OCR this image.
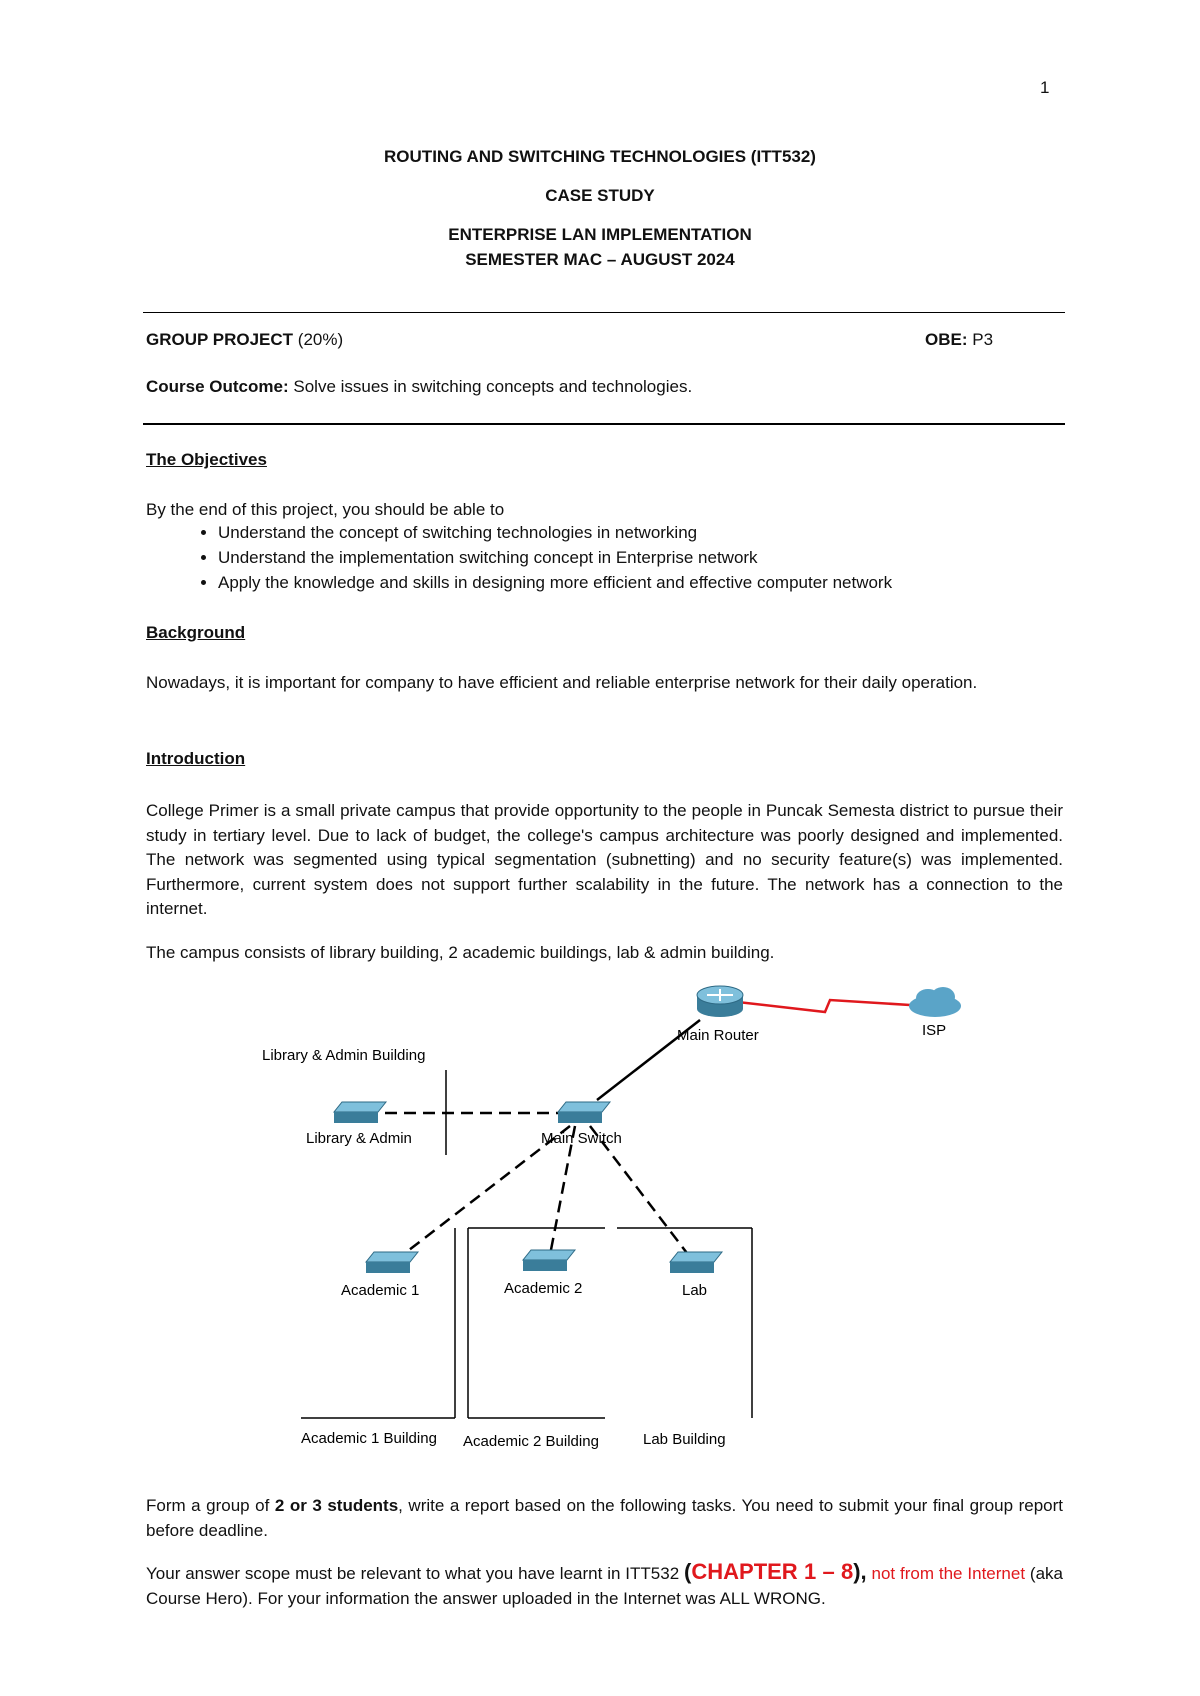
1
ROUTING AND SWITCHING TECHNOLOGIES (ITT532)
CASE STUDY
ENTERPRISE LAN IMPLEMENTATION
SEMESTER MAC – AUGUST 2024
GROUP PROJECT (20%)	OBE: P3
Course Outcome: Solve issues in switching concepts and technologies.
The Objectives
By the end of this project, you should be able to
• Understand the concept of switching technologies in networking
• Understand the implementation switching concept in Enterprise network
• Apply the knowledge and skills in designing more efficient and effective computer network
Background
Nowadays, it is important for company to have efficient and reliable enterprise network for their daily operation.
Introduction
College Primer is a small private campus that provide opportunity to the people in Puncak Semesta district to pursue their study in tertiary level. Due to lack of budget, the college's campus architecture was poorly designed and implemented. The network was segmented using typical segmentation (subnetting) and no security feature(s) was implemented. Furthermore, current system does not support further scalability in the future. The network has a connection to the internet.
The campus consists of library building, 2 academic buildings, lab & admin building.
Main Router	ISP
Library & Admin Building
Library & Admin	Main Switch
Academic 1	Academic 2	Lab
Academic 1 Building Academic 2 Building	Lab Building
Form a group of 2 or 3 students, write a report based on the following tasks. You need to submit your final group report before deadline.
Your answer scope must be relevant to what you have learnt in ITT532 (CHAPTER 1 – 8), not from the Internet (aka Course Hero). For your information the answer uploaded in the Internet was ALL WRONG.
